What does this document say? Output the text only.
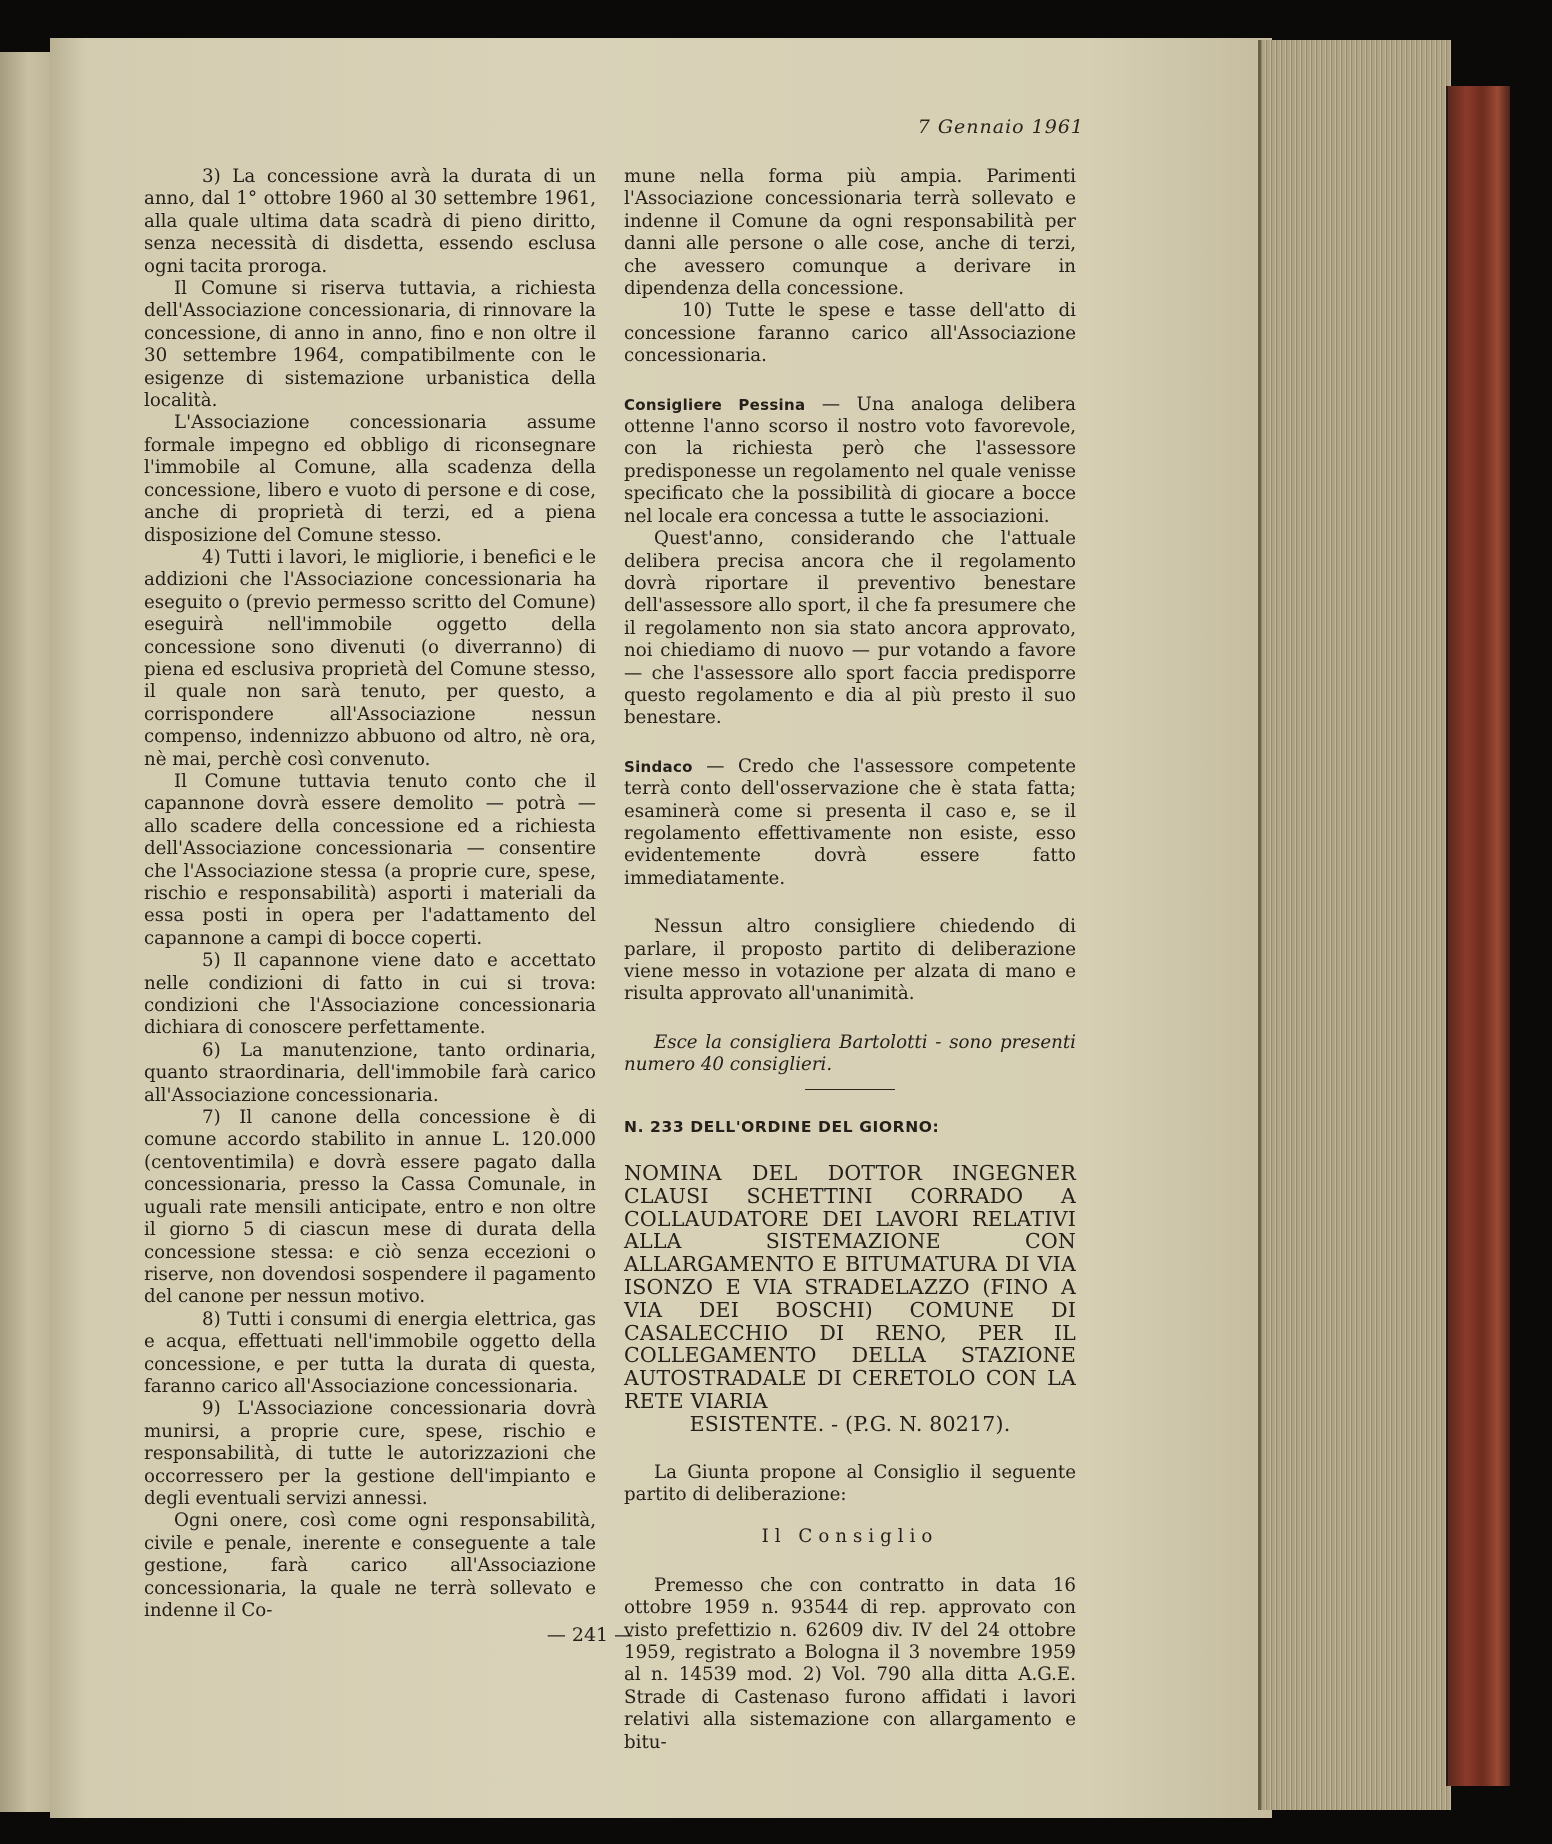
7 Gennaio 1961

3) La concessione avrà la durata di un anno, dal 1° ottobre 1960 al 30 settembre 1961, alla quale ultima data scadrà di pieno diritto, senza necessità di disdetta, essendo esclusa ogni tacita proroga.

Il Comune si riserva tuttavia, a richiesta dell'Associazione concessionaria, di rinnovare la concessione, di anno in anno, fino e non oltre il 30 settembre 1964, compatibilmente con le esigenze di sistemazione urbanistica della località.

L'Associazione concessionaria assume formale impegno ed obbligo di riconsegnare l'immobile al Comune, alla scadenza della concessione, libero e vuoto di persone e di cose, anche di proprietà di terzi, ed a piena disposizione del Comune stesso.

4) Tutti i lavori, le migliorie, i benefici e le addizioni che l'Associazione concessionaria ha eseguito o (previo permesso scritto del Comune) eseguirà nell'immobile oggetto della concessione sono divenuti (o diverranno) di piena ed esclusiva proprietà del Comune stesso, il quale non sarà tenuto, per questo, a corrispondere all'Associazione nessun compenso, indennizzo abbuono od altro, nè ora, nè mai, perchè così convenuto.

Il Comune tuttavia tenuto conto che il capannone dovrà essere demolito — potrà — allo scadere della concessione ed a richiesta dell'Associazione concessionaria — consentire che l'Associazione stessa (a proprie cure, spese, rischio e responsabilità) asporti i materiali da essa posti in opera per l'adattamento del capannone a campi di bocce coperti.

5) Il capannone viene dato e accettato nelle condizioni di fatto in cui si trova: condizioni che l'Associazione concessionaria dichiara di conoscere perfettamente.

6) La manutenzione, tanto ordinaria, quanto straordinaria, dell'immobile farà carico all'Associazione concessionaria.

7) Il canone della concessione è di comune accordo stabilito in annue L. 120.000 (centoventimila) e dovrà essere pagato dalla concessionaria, presso la Cassa Comunale, in uguali rate mensili anticipate, entro e non oltre il giorno 5 di ciascun mese di durata della concessione stessa: e ciò senza eccezioni o riserve, non dovendosi sospendere il pagamento del canone per nessun motivo.

8) Tutti i consumi di energia elettrica, gas e acqua, effettuati nell'immobile oggetto della concessione, e per tutta la durata di questa, faranno carico all'Associazione concessionaria.

9) L'Associazione concessionaria dovrà munirsi, a proprie cure, spese, rischio e responsabilità, di tutte le autorizzazioni che occorressero per la gestione dell'impianto e degli eventuali servizi annessi.

Ogni onere, così come ogni responsabilità, civile e penale, inerente e conseguente a tale gestione, farà carico all'Associazione concessionaria, la quale ne terrà sollevato e indenne il Co-

mune nella forma più ampia. Parimenti l'Associazione concessionaria terrà sollevato e indenne il Comune da ogni responsabilità per danni alle persone o alle cose, anche di terzi, che avessero comunque a derivare in dipendenza della concessione.

10) Tutte le spese e tasse dell'atto di concessione faranno carico all'Associazione concessionaria.

Consigliere Pessina — Una analoga delibera ottenne l'anno scorso il nostro voto favorevole, con la richiesta però che l'assessore predisponesse un regolamento nel quale venisse specificato che la possibilità di giocare a bocce nel locale era concessa a tutte le associazioni.

Quest'anno, considerando che l'attuale delibera precisa ancora che il regolamento dovrà riportare il preventivo benestare dell'assessore allo sport, il che fa presumere che il regolamento non sia stato ancora approvato, noi chiediamo di nuovo — pur votando a favore — che l'assessore allo sport faccia predisporre questo regolamento e dia al più presto il suo benestare.

Sindaco — Credo che l'assessore competente terrà conto dell'osservazione che è stata fatta; esaminerà come si presenta il caso e, se il regolamento effettivamente non esiste, esso evidentemente dovrà essere fatto immediatamente.

Nessun altro consigliere chiedendo di parlare, il proposto partito di deliberazione viene messo in votazione per alzata di mano e risulta approvato all'unanimità.

Esce la consigliera Bartolotti - sono presenti numero 40 consiglieri.

N. 233 DELL'ORDINE DEL GIORNO:

NOMINA DEL DOTTOR INGEGNER CLAUSI SCHETTINI CORRADO A COLLAUDATORE DEI LAVORI RELATIVI ALLA SISTEMAZIONE CON ALLARGAMENTO E BITUMATURA DI VIA ISONZO E VIA STRADELAZZO (FINO A VIA DEI BOSCHI) COMUNE DI CASALECCHIO DI RENO, PER IL COLLEGAMENTO DELLA STAZIONE AUTOSTRADALE DI CERETOLO CON LA RETE VIARIA

ESISTENTE. - (P.G. N. 80217).

La Giunta propone al Consiglio il seguente partito di deliberazione:

Il Consiglio

Premesso che con contratto in data 16 ottobre 1959 n. 93544 di rep. approvato con visto prefettizio n. 62609 div. IV del 24 ottobre 1959, registrato a Bologna il 3 novembre 1959 al n. 14539 mod. 2) Vol. 790 alla ditta A.G.E. Strade di Castenaso furono affidati i lavori relativi alla sistemazione con allargamento e bitu-

— 241 —
